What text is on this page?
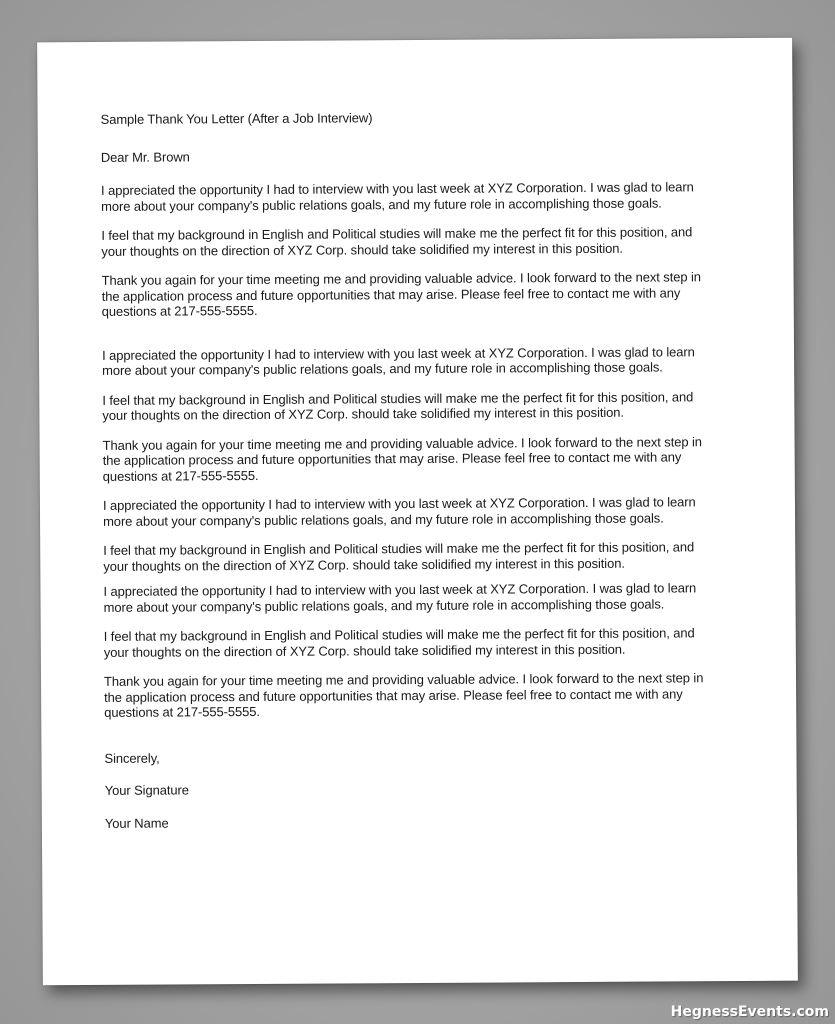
Sample Thank You Letter (After a Job Interview)
Dear Mr. Brown
I appreciated the opportunity I had to interview with you last week at XYZ Corporation. I was glad to learn more about your company's public relations goals, and my future role in accomplishing those goals.
I feel that my background in English and Political studies will make me the perfect fit for this position, and your thoughts on the direction of XYZ Corp. should take solidified my interest in this position.
Thank you again for your time meeting me and providing valuable advice. I look forward to the next step in the application process and future opportunities that may arise. Please feel free to contact me with any questions at 217-555-5555.
I appreciated the opportunity I had to interview with you last week at XYZ Corporation. I was glad to learn more about your company's public relations goals, and my future role in accomplishing those goals.
I feel that my background in English and Political studies will make me the perfect fit for this position, and your thoughts on the direction of XYZ Corp. should take solidified my interest in this position.
Thank you again for your time meeting me and providing valuable advice. I look forward to the next step in the application process and future opportunities that may arise. Please feel free to contact me with any questions at 217-555-5555.
I appreciated the opportunity I had to interview with you last week at XYZ Corporation. I was glad to learn more about your company's public relations goals, and my future role in accomplishing those goals.
I feel that my background in English and Political studies will make me the perfect fit for this position, and your thoughts on the direction of XYZ Corp. should take solidified my interest in this position.
I appreciated the opportunity I had to interview with you last week at XYZ Corporation. I was glad to learn more about your company's public relations goals, and my future role in accomplishing those goals.
I feel that my background in English and Political studies will make me the perfect fit for this position, and your thoughts on the direction of XYZ Corp. should take solidified my interest in this position.
Thank you again for your time meeting me and providing valuable advice. I look forward to the next step in the application process and future opportunities that may arise. Please feel free to contact me with any questions at 217-555-5555.
Sincerely,
Your Signature
Your Name
HegnessEvents.com
